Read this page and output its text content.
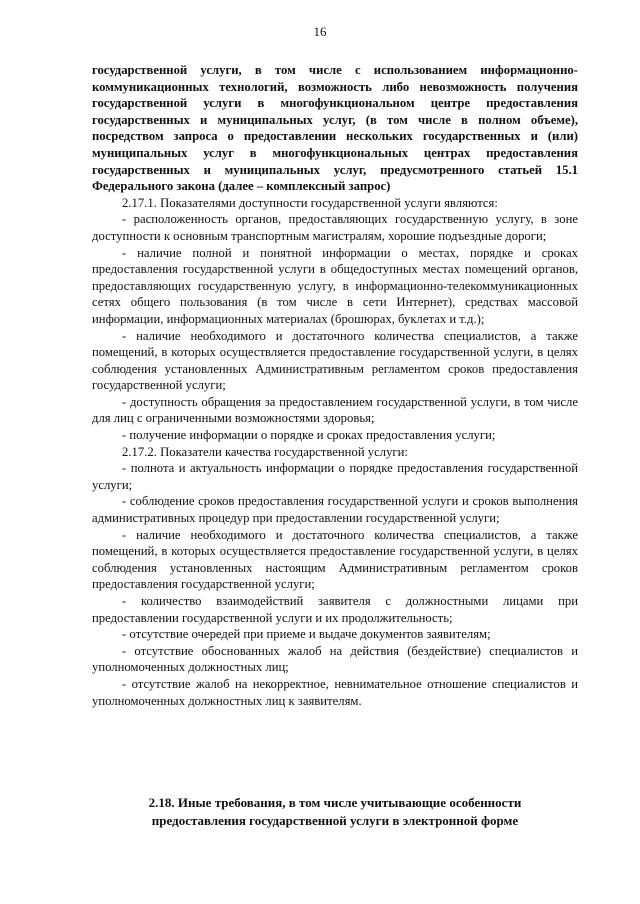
16

государственной услуги, в том числе с использованием информационно-коммуникационных технологий, возможность либо невозможность получения государственной услуги в многофункциональном центре предоставления государственных и муниципальных услуг, (в том числе в полном объеме), посредством запроса о предоставлении нескольких государственных и (или) муниципальных услуг в многофункциональных центрах предоставления государственных и муниципальных услуг, предусмотренного статьей 15.1 Федерального закона (далее – комплексный запрос)

2.17.1. Показателями доступности государственной услуги являются:

- расположенность органов, предоставляющих государственную услугу, в зоне доступности к основным транспортным магистралям, хорошие подъездные дороги;

- наличие полной и понятной информации о местах, порядке и сроках предоставления государственной услуги в общедоступных местах помещений органов, предоставляющих государственную услугу, в информационно-телекоммуникационных сетях общего пользования (в том числе в сети Интернет), средствах массовой информации, информационных материалах (брошюрах, буклетах и т.д.);

- наличие необходимого и достаточного количества специалистов, а также помещений, в которых осуществляется предоставление государственной услуги, в целях соблюдения установленных Административным регламентом сроков предоставления государственной услуги;

- доступность обращения за предоставлением государственной услуги, в том числе для лиц с ограниченными возможностями здоровья;

- получение информации о порядке и сроках предоставления услуги;

2.17.2. Показатели качества государственной услуги:

- полнота и актуальность информации о порядке предоставления государственной услуги;

- соблюдение сроков предоставления государственной услуги и сроков выполнения административных процедур при предоставлении государственной услуги;

- наличие необходимого и достаточного количества специалистов, а также помещений, в которых осуществляется предоставление государственной услуги, в целях соблюдения установленных настоящим Административным регламентом сроков предоставления государственной услуги;

- количество взаимодействий заявителя с должностными лицами при предоставлении государственной услуги и их продолжительность;

- отсутствие очередей при приеме и выдаче документов заявителям;

- отсутствие обоснованных жалоб на действия (бездействие) специалистов и уполномоченных должностных лиц;

- отсутствие жалоб на некорректное, невнимательное отношение специалистов и уполномоченных должностных лиц к заявителям.

2.18. Иные требования, в том числе учитывающие особенности

предоставления государственной услуги в электронной форме
